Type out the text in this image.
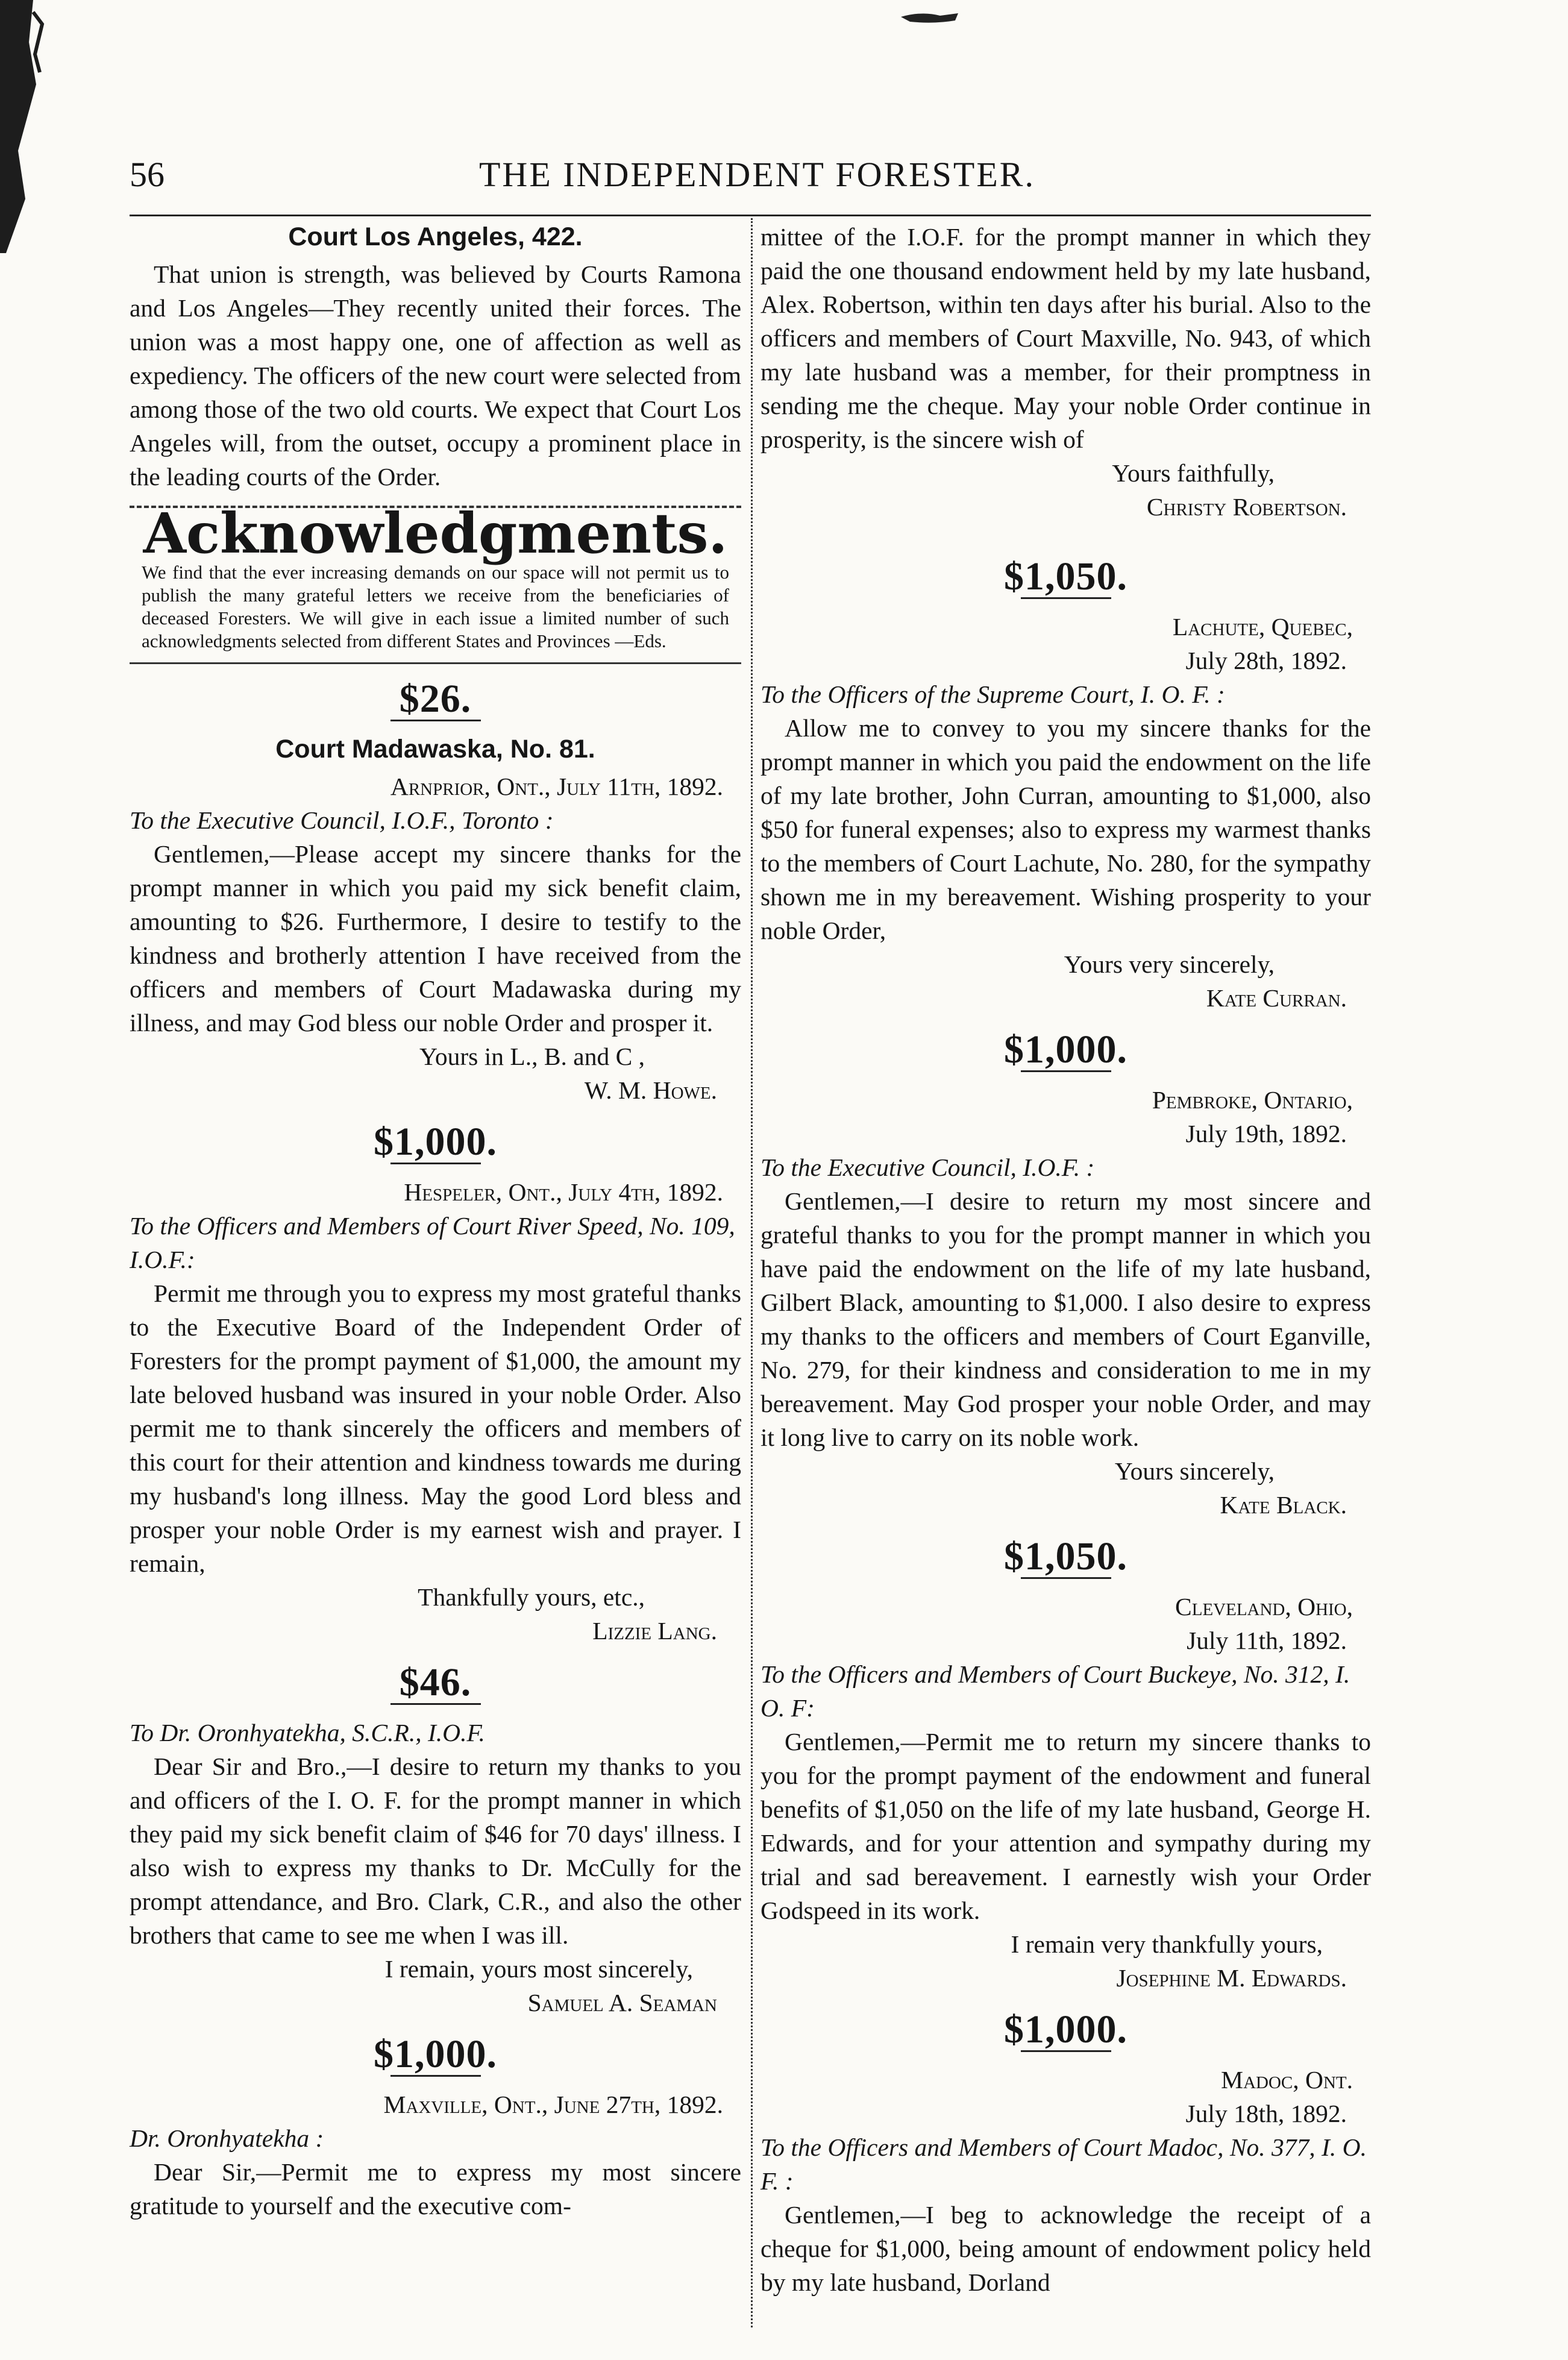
56	THE INDEPENDENT FORESTER.
Court Los Angeles, 422.

That union is strength, was believed by Courts Ramona and Los Angeles—They recently united their forces. The union was a most happy one, one of affection as well as expediency. The officers of the new court were selected from among those of the two old courts. We expect that Court Los Angeles will, from the outset, occupy a prominent place in the leading courts of the Order.

Acknowledgments.

We find that the ever increasing demands on our space will not permit us to publish the many grateful letters we receive from the beneficiaries of deceased Foresters. We will give in each issue a limited number of such acknowledgments selected from different States and Provinces —Eds.

$26.
Court Madawaska, No. 81.

Arnprior, Ont., July 11th, 1892.

To the Executive Council, I.O.F., Toronto :

Gentlemen,—Please accept my sincere thanks for the prompt manner in which you paid my sick benefit claim, amounting to $26. Furthermore, I desire to testify to the kindness and brotherly attention I have received from the officers and members of Court Madawaska during my illness, and may God bless our noble Order and prosper it.

Yours in L., B. and C ,

W. M. Howe.

$1,000.

Hespeler, Ont., July 4th, 1892.

To the Officers and Members of Court River Speed, No. 109, I.O.F.:

Permit me through you to express my most grateful thanks to the Executive Board of the Independent Order of Foresters for the prompt payment of $1,000, the amount my late beloved husband was insured in your noble Order. Also permit me to thank sincerely the officers and members of this court for their attention and kindness towards me during my husband's long illness. May the good Lord bless and prosper your noble Order is my earnest wish and prayer. I remain,

Thankfully yours, etc.,

Lizzie Lang.

$46.

To Dr. Oronhyatekha, S.C.R., I.O.F.

Dear Sir and Bro.,—I desire to return my thanks to you and officers of the I. O. F. for the prompt manner in which they paid my sick benefit claim of $46 for 70 days' illness. I also wish to express my thanks to Dr. McCully for the prompt attendance, and Bro. Clark, C.R., and also the other brothers that came to see me when I was ill.

I remain, yours most sincerely,

Samuel A. Seaman

$1,000.

Maxville, Ont., June 27th, 1892.

Dr. Oronhyatekha :

Dear Sir,—Permit me to express my most sincere gratitude to yourself and the executive com-

mittee of the I.O.F. for the prompt manner in which they paid the one thousand endowment held by my late husband, Alex. Robertson, within ten days after his burial. Also to the officers and members of Court Maxville, No. 943, of which my late husband was a member, for their promptness in sending me the cheque. May your noble Order continue in prosperity, is the sincere wish of

Yours faithfully,

Christy Robertson.

$1,050.

Lachute, Quebec,

July 28th, 1892.

To the Officers of the Supreme Court, I. O. F. :

Allow me to convey to you my sincere thanks for the prompt manner in which you paid the endowment on the life of my late brother, John Curran, amounting to $1,000, also $50 for funeral expenses; also to express my warmest thanks to the members of Court Lachute, No. 280, for the sympathy shown me in my bereavement. Wishing prosperity to your noble Order,

Yours very sincerely,

Kate Curran.

$1,000.

Pembroke, Ontario,

July 19th, 1892.

To the Executive Council, I.O.F. :

Gentlemen,—I desire to return my most sincere and grateful thanks to you for the prompt manner in which you have paid the endowment on the life of my late husband, Gilbert Black, amounting to $1,000. I also desire to express my thanks to the officers and members of Court Eganville, No. 279, for their kindness and consideration to me in my bereavement. May God prosper your noble Order, and may it long live to carry on its noble work.

Yours sincerely,

Kate Black.

$1,050.

Cleveland, Ohio,

July 11th, 1892.

To the Officers and Members of Court Buckeye, No. 312, I. O. F:

Gentlemen,—Permit me to return my sincere thanks to you for the prompt payment of the endowment and funeral benefits of $1,050 on the life of my late husband, George H. Edwards, and for your attention and sympathy during my trial and sad bereavement. I earnestly wish your Order Godspeed in its work.

I remain very thankfully yours,

Josephine M. Edwards.

$1,000.

Madoc, Ont.

July 18th, 1892.

To the Officers and Members of Court Madoc, No. 377, I. O. F. :

Gentlemen,—I beg to acknowledge the receipt of a cheque for $1,000, being amount of endowment policy held by my late husband, Dorland
